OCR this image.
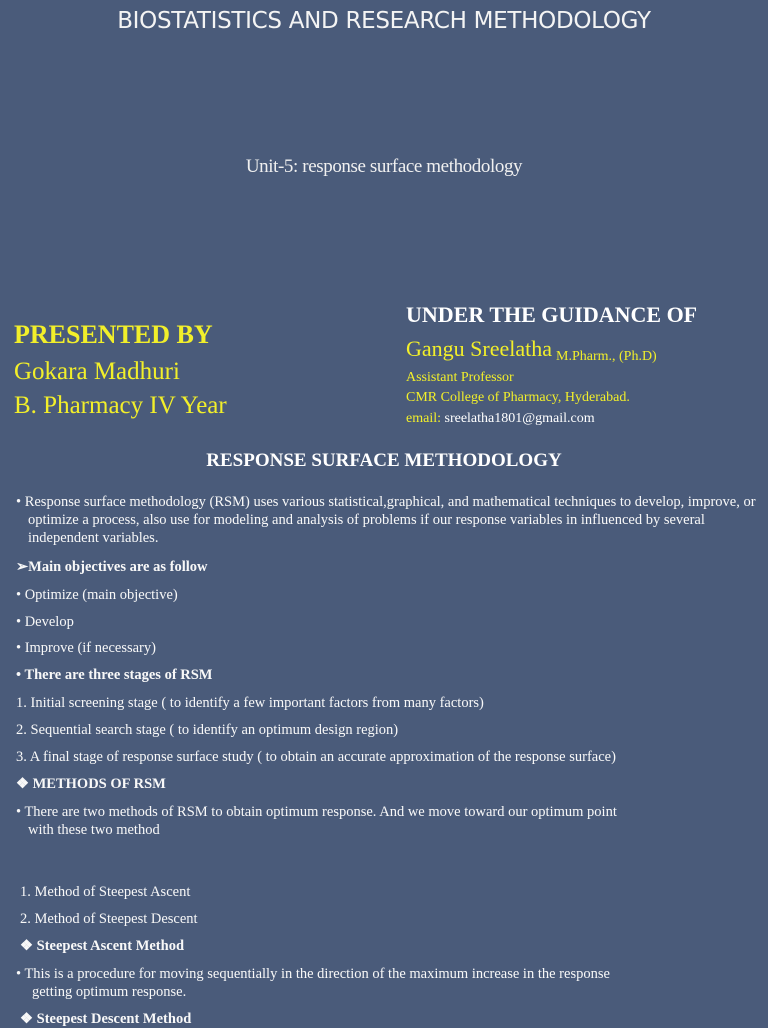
BIOSTATISTICS AND RESEARCH METHODOLOGY
Unit-5: response surface methodology
PRESENTED BY
Gokara Madhuri
B. Pharmacy IV Year
UNDER THE GUIDANCE OF
Gangu Sreelatha M.Pharm., (Ph.D)
Assistant Professor
CMR College of Pharmacy, Hyderabad.
email: sreelatha1801@gmail.com
RESPONSE SURFACE METHODOLOGY
• Response surface methodology (RSM) uses various statistical,graphical, and mathematical techniques to develop, improve, or optimize a process, also use for modeling and analysis of problems if our response variables in influenced by several independent variables.
➢Main objectives are as follow
• Optimize (main objective)
• Develop
• Improve (if necessary)
• There are three stages of RSM
1. Initial screening stage ( to identify a few important factors from many factors)
2. Sequential search stage ( to identify an optimum design region)
3. A final stage of response surface study ( to obtain an accurate approximation of the response surface)
❖ METHODS OF RSM
• There are two methods of RSM to obtain optimum response. And we move toward our optimum point
with these two method
1. Method of Steepest Ascent
2. Method of Steepest Descent
❖ Steepest Ascent Method
• This is a procedure for moving sequentially in the direction of the maximum increase in the response
getting optimum response.
❖ Steepest Descent Method
